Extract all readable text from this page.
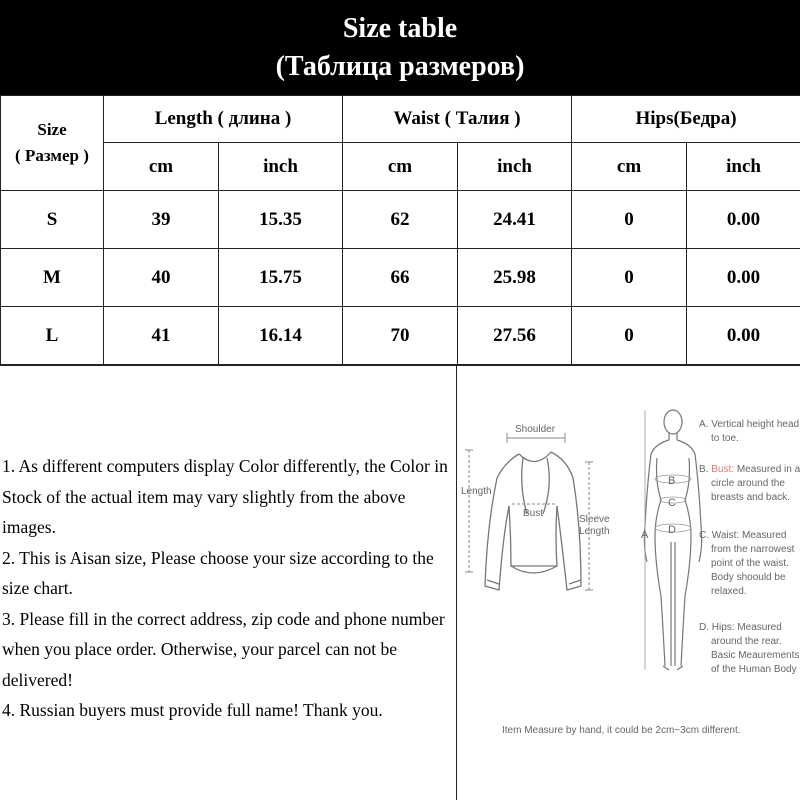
Size table
(Таблица размеров)
Size
( Размер )	Length ( длина )		Waist ( Талия )		Hips(Бедра)	
	cm	inch	cm	inch	cm	inch
S	39	15.35	62	24.41	0	0.00
M	40	15.75	66	25.98	0	0.00
L	41	16.14	70	27.56	0	0.00

1. As different computers display Color differently, the Color in Stock of the actual item may vary slightly from the above images.

2. This is Aisan size, Please choose your size according to the size chart.

3. Please fill in the correct address, zip code and phone number when you place order. Otherwise, your parcel can not be delivered!

4. Russian buyers must provide full name! Thank you.

Shoulder
Length
Bust
Sleeve
Length	A
B
C
D
A. Vertical height head
to toe.
B. Bust: Measured in a
circle around the
breasts and back.
C. Waist: Measured
from the narrowest
point of the waist.
Body shoould be
relaxed.
D. Hips: Measured
around the rear.
Basic Meaurements
of the Human Body
Item Measure by hand, it could be 2cm~3cm different.
